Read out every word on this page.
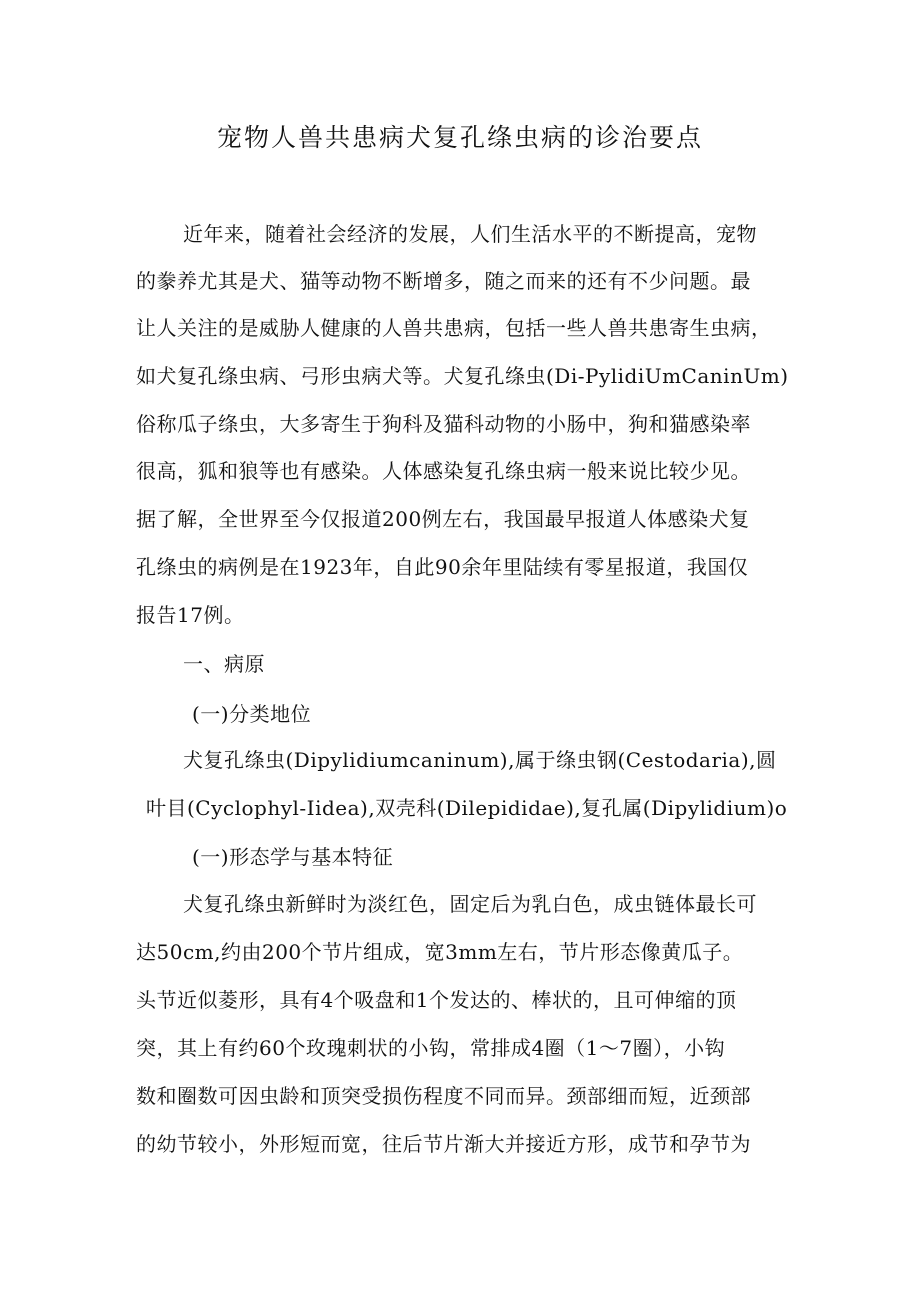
宠物人兽共患病犬复孔绦虫病的诊治要点
近年来，随着社会经济的发展，人们生活水平的不断提高，宠物
的豢养尤其是犬、猫等动物不断增多，随之而来的还有不少问题。最
让人关注的是威胁人健康的人兽共患病，包括一些人兽共患寄生虫病，
如犬复孔绦虫病、弓形虫病犬等。犬复孔绦虫(Di-PylidiUmCaninUm)
俗称瓜子绦虫，大多寄生于狗科及猫科动物的小肠中，狗和猫感染率
很高，狐和狼等也有感染。人体感染复孔绦虫病一般来说比较少见。
据了解，全世界至今仅报道200例左右，我国最早报道人体感染犬复
孔绦虫的病例是在1923年，自此90余年里陆续有零星报道，我国仅
报告17例。
一、病原
(一)分类地位
犬复孔绦虫(Dipylidiumcaninum),属于绦虫钢(Cestodaria),圆
叶目(Cyclophyl-Iidea),双壳科(Dilepididae),复孔属(Dipylidium)o
(一)形态学与基本特征
犬复孔绦虫新鲜时为淡红色，固定后为乳白色，成虫链体最长可
达50cm,约由200个节片组成，宽3mm左右，节片形态像黄瓜子。
头节近似菱形，具有4个吸盘和1个发达的、棒状的，且可伸缩的顶
突，其上有约60个玫瑰刺状的小钩，常排成4圈（1～7圈），小钩
数和圈数可因虫龄和顶突受损伤程度不同而异。颈部细而短，近颈部
的幼节较小，外形短而宽，往后节片渐大并接近方形，成节和孕节为
